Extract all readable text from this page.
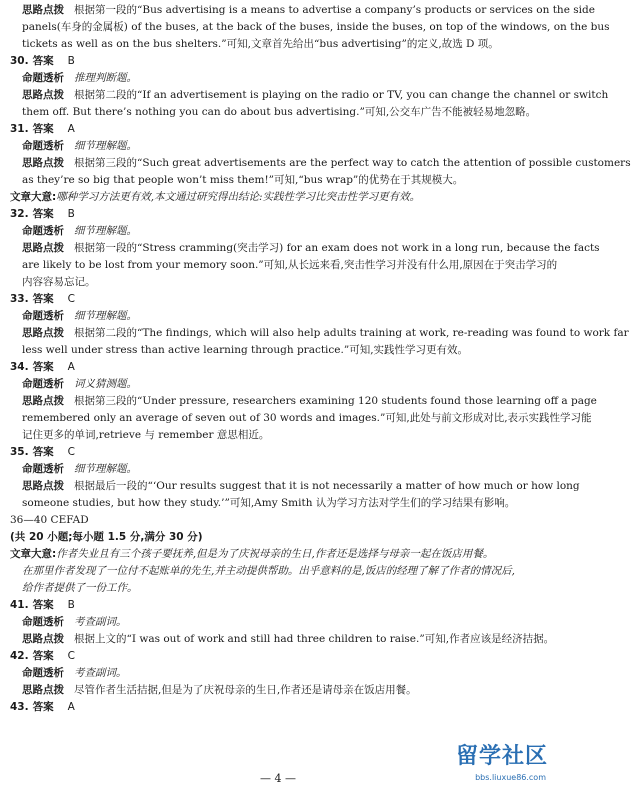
思路点拨 根据第一段的“Bus advertising is a means to advertise a company’s products or services on the side
panels(车身的金属板) of the buses, at the back of the buses, inside the buses, on top of the windows, on the bus
tickets as well as on the bus shelters.”可知,文章首先给出“bus advertising”的定义,故选 D 项。
30. 答案 B
命题透析 推理判断题。
思路点拨 根据第二段的“If an advertisement is playing on the radio or TV, you can change the channel or switch
them off. But there’s nothing you can do about bus advertising.”可知,公交车广告不能被轻易地忽略。
31. 答案 A
命题透析 细节理解题。
思路点拨 根据第三段的“Such great advertisements are the perfect way to catch the attention of possible customers
as they’re so big that people won’t miss them!”可知,“bus wrap”的优势在于其规模大。
文章大意:哪种学习方法更有效,本文通过研究得出结论:实践性学习比突击性学习更有效。
32. 答案 B
命题透析 细节理解题。
思路点拨 根据第一段的“Stress cramming(突击学习) for an exam does not work in a long run, because the facts
are likely to be lost from your memory soon.”可知,从长远来看,突击性学习并没有什么用,原因在于突击学习的
内容容易忘记。
33. 答案 C
命题透析 细节理解题。
思路点拨 根据第二段的“The findings, which will also help adults training at work, re-reading was found to work far
less well under stress than active learning through practice.”可知,实践性学习更有效。
34. 答案 A
命题透析 词义猜测题。
思路点拨 根据第三段的“Under pressure, researchers examining 120 students found those learning off a page
remembered only an average of seven out of 30 words and images.”可知,此处与前文形成对比,表示实践性学习能
记住更多的单词,retrieve 与 remember 意思相近。
35. 答案 C
命题透析 细节理解题。
思路点拨 根据最后一段的“‘Our results suggest that it is not necessarily a matter of how much or how long
someone studies, but how they study.’”可知,Amy Smith 认为学习方法对学生们的学习结果有影响。
36—40 CEFAD
(共 20 小题;每小题 1.5 分,满分 30 分)
文章大意:作者失业且有三个孩子要抚养,但是为了庆祝母亲的生日,作者还是选择与母亲一起在饭店用餐。
在那里作者发现了一位付不起账单的先生,并主动提供帮助。出乎意料的是,饭店的经理了解了作者的情况后,
给作者提供了一份工作。
41. 答案 B
命题透析 考查副词。
思路点拨 根据上文的“I was out of work and still had three children to raise.”可知,作者应该是经济拮据。
42. 答案 C
命题透析 考查副词。
思路点拨 尽管作者生活拮据,但是为了庆祝母亲的生日,作者还是请母亲在饭店用餐。
43. 答案 A
— 4 —
留学社区
bbs.liuxue86.com
